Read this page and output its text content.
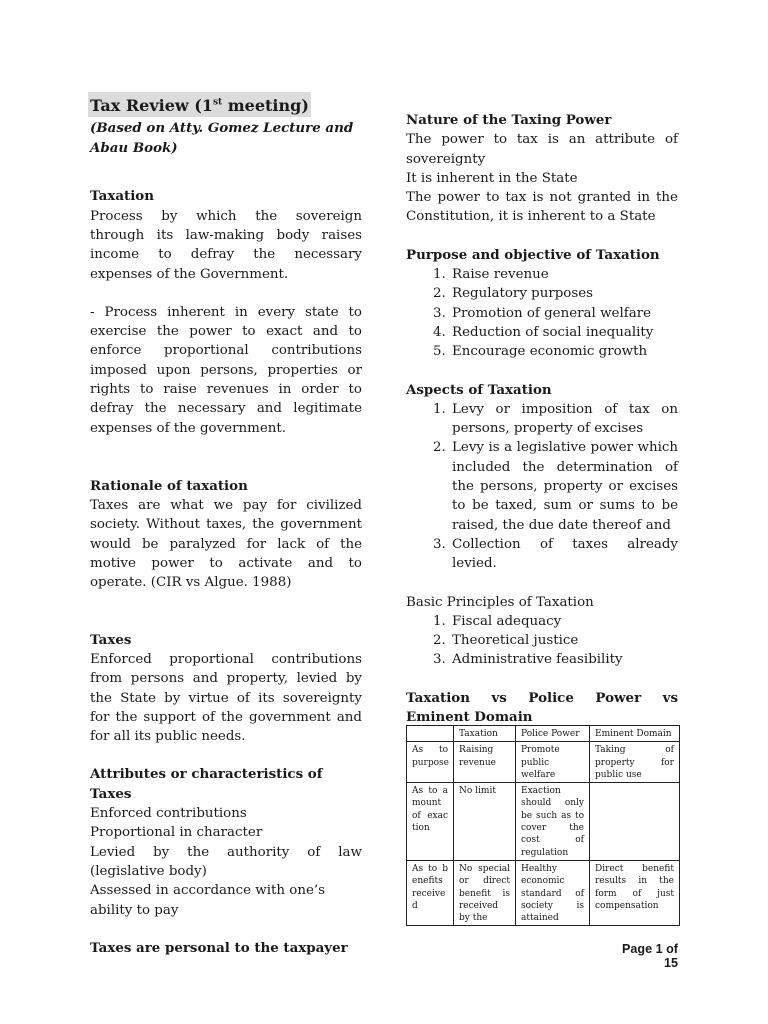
Tax Review (1st meeting)
(Based on Atty. Gomez Lecture and Abau Book)

Taxation

Process by which the sovereign through its law-making body raises income to defray the necessary expenses of the Government.

- Process inherent in every state to exercise the power to exact and to enforce proportional contributions imposed upon persons, properties or rights to raise revenues in order to defray the necessary and legitimate expenses of the government.

Rationale of taxation

Taxes are what we pay for civilized society. Without taxes, the government would be paralyzed for lack of the motive power to activate and to operate. (CIR vs Algue. 1988)

Taxes

Enforced proportional contributions from persons and property, levied by the State by virtue of its sovereignty for the support of the government and for all its public needs.

Attributes or characteristics of Taxes

Enforced contributions

Proportional in character

Levied by the authority of law (legislative body)

Assessed in accordance with one’s ability to pay

Taxes are personal to the taxpayer

Nature of the Taxing Power

The power to tax is an attribute of sovereignty

It is inherent in the State

The power to tax is not granted in the Constitution, it is inherent to a State

Purpose and objective of Taxation

1. Raise revenue
2. Regulatory purposes
3. Promotion of general welfare
4. Reduction of social inequality
5. Encourage economic growth

Aspects of Taxation

1. Levy or imposition of tax on persons, property of excises
2. Levy is a legislative power which included the determination of the persons, property or excises to be taxed, sum or sums to be raised, the due date thereof and
3. Collection of taxes already levied.

Basic Principles of Taxation

1. Fiscal adequacy
2. Theoretical justice
3. Administrative feasibility

Taxation vs Police Power vs Eminent Domain

	Taxation	Police Power	Eminent Domain
As to purpose	Raising revenue	Promote public welfare	Taking of property for public use
As to amount of exaction	No limit	Exaction should only be such as to cover the cost of regulation	
As to benefits received	No special or direct benefit is received by the	Healthy economic standard of society is attained	Direct benefit results in the form of just compensation
Page 1 of 15
